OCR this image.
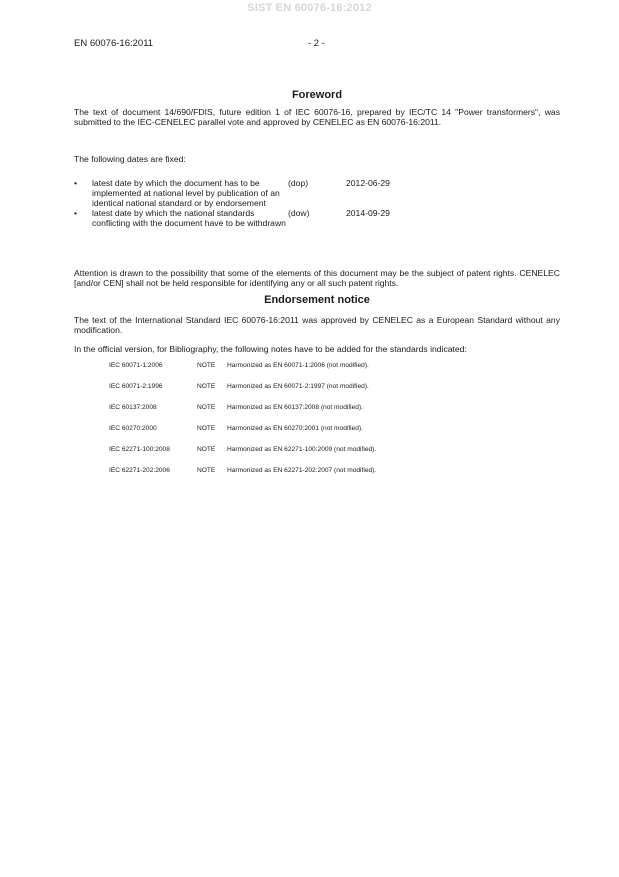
SIST EN 60076-16:2012
EN 60076-16:2011	- 2 -
Foreword

The text of document 14/690/FDIS, future edition 1 of IEC 60076-16, prepared by IEC/TC 14 "Power transformers", was submitted to the IEC-CENELEC parallel vote and approved by CENELEC as EN 60076-16:2011.

The following dates are fixed:

•	latest date by which the document has to be implemented at national level by publication of an identical national standard or by endorsement	(dop)	2012-06-29
•	latest date by which the national standards conflicting with the document have to be withdrawn	(dow)	2014-09-29

Attention is drawn to the possibility that some of the elements of this document may be the subject of patent rights. CENELEC [and/or CEN] shall not be held responsible for identifying any or all such patent rights.

Endorsement notice

The text of the International Standard IEC 60076-16:2011 was approved by CENELEC as a European Standard without any modification.

In the official version, for Bibliography, the following notes have to be added for the standards indicated:

IEC 60071-1:2006	NOTE	Harmonized as EN 60071-1:2006 (not modified).
IEC 60071-2:1996	NOTE	Harmonized as EN 60071-2:1997 (not modified).
IEC 60137:2008	NOTE	Harmonized as EN 60137:2008 (not modified).
IEC 60270:2000	NOTE	Harmonized as EN 60270:2001 (not modified).
IEC 62271-100:2008	NOTE	Harmonized as EN 62271-100:2009 (not modified).
IEC 62271-202:2006	NOTE	Harmonized as EN 62271-202:2007 (not modified).
